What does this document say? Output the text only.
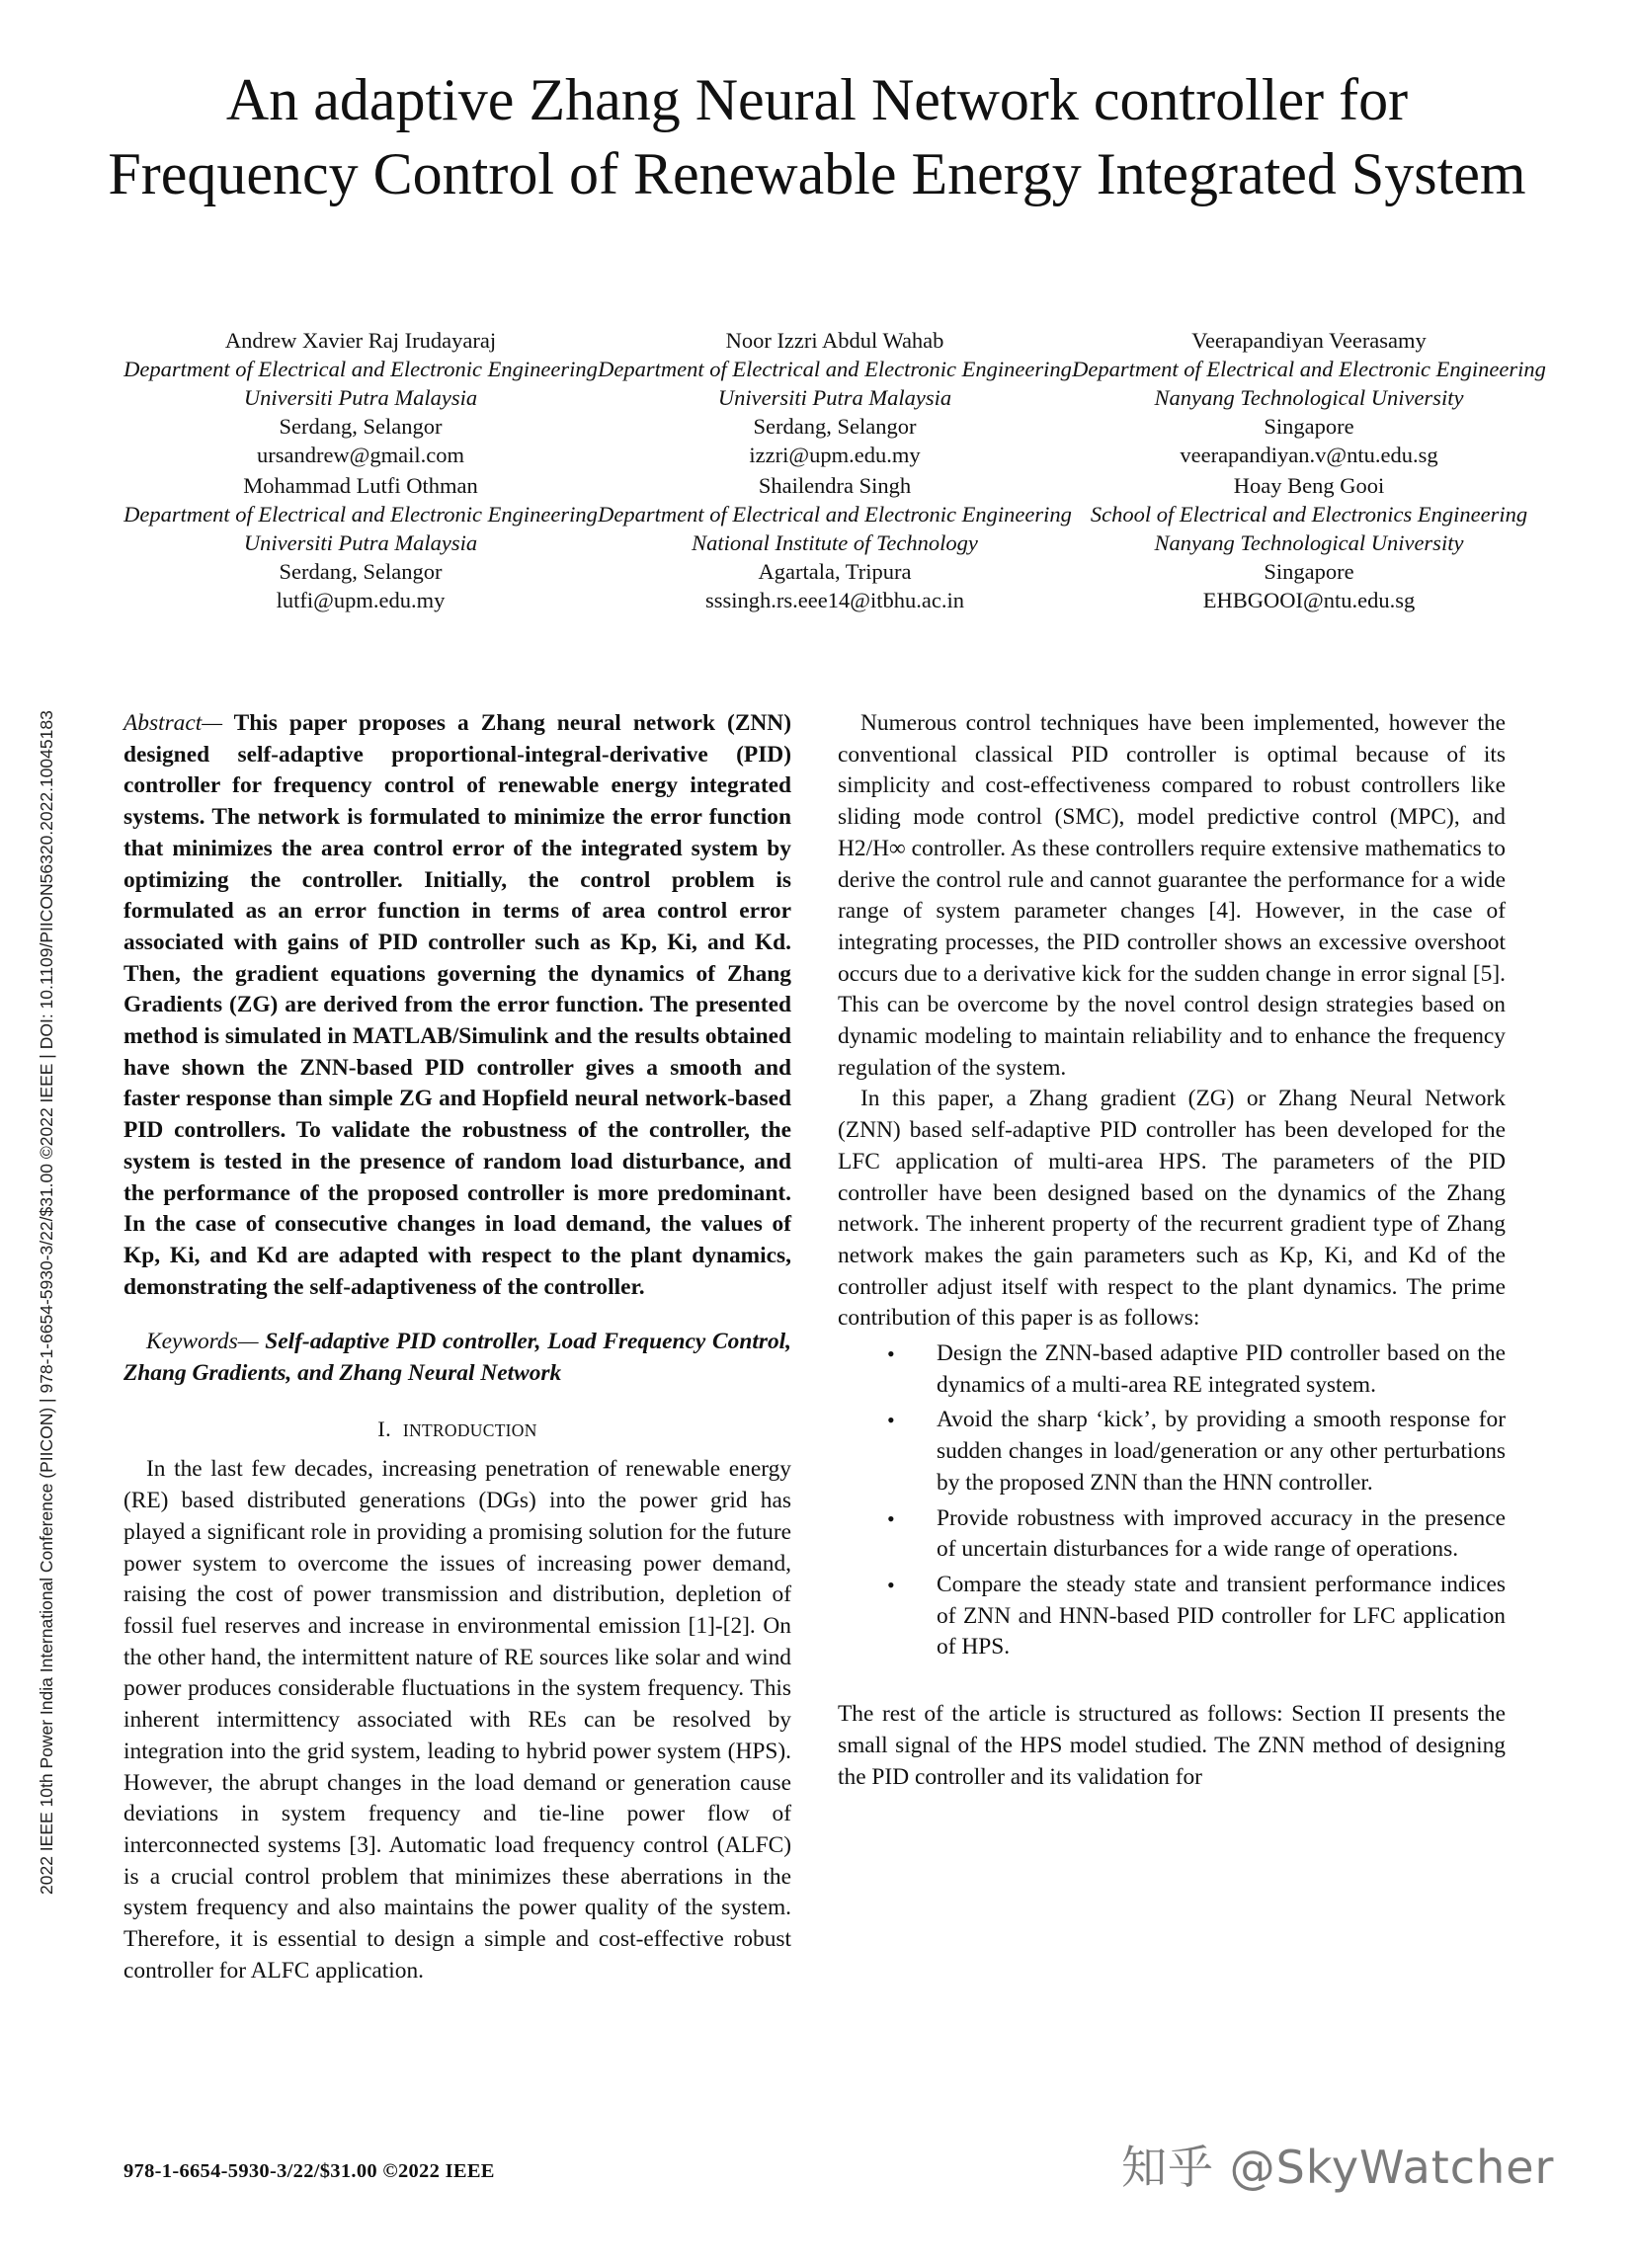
2022 IEEE 10th Power India International Conference (PIICON) | 978-1-6654-5930-3/22/$31.00 ©2022 IEEE | DOI: 10.1109/PIICON56320.2022.10045183
An adaptive Zhang Neural Network controller for Frequency Control of Renewable Energy Integrated System
Andrew Xavier Raj Irudayaraj
Department of Electrical and Electronic Engineering
Universiti Putra Malaysia
Serdang, Selangor
ursandrew@gmail.com
Noor Izzri Abdul Wahab
Department of Electrical and Electronic Engineering
Universiti Putra Malaysia
Serdang, Selangor
izzri@upm.edu.my
Veerapandiyan Veerasamy
Department of Electrical and Electronic Engineering
Nanyang Technological University
Singapore
veerapandiyan.v@ntu.edu.sg
Mohammad Lutfi Othman
Department of Electrical and Electronic Engineering
Universiti Putra Malaysia
Serdang, Selangor
lutfi@upm.edu.my
Shailendra Singh
Department of Electrical and Electronic Engineering
National Institute of Technology
Agartala, Tripura
sssingh.rs.eee14@itbhu.ac.in
Hoay Beng Gooi
School of Electrical and Electronics Engineering
Nanyang Technological University
Singapore
EHBGOOI@ntu.edu.sg

Abstract— This paper proposes a Zhang neural network (ZNN) designed self-adaptive proportional-integral-derivative (PID) controller for frequency control of renewable energy integrated systems. The network is formulated to minimize the error function that minimizes the area control error of the integrated system by optimizing the controller. Initially, the control problem is formulated as an error function in terms of area control error associated with gains of PID controller such as Kp, Ki, and Kd. Then, the gradient equations governing the dynamics of Zhang Gradients (ZG) are derived from the error function. The presented method is simulated in MATLAB/Simulink and the results obtained have shown the ZNN-based PID controller gives a smooth and faster response than simple ZG and Hopfield neural network-based PID controllers. To validate the robustness of the controller, the system is tested in the presence of random load disturbance, and the performance of the proposed controller is more predominant. In the case of consecutive changes in load demand, the values of Kp, Ki, and Kd are adapted with respect to the plant dynamics, demonstrating the self-adaptiveness of the controller.

Keywords— Self-adaptive PID controller, Load Frequency Control, Zhang Gradients, and Zhang Neural Network

I. INTRODUCTION

In the last few decades, increasing penetration of renewable energy (RE) based distributed generations (DGs) into the power grid has played a significant role in providing a promising solution for the future power system to overcome the issues of increasing power demand, raising the cost of power transmission and distribution, depletion of fossil fuel reserves and increase in environmental emission [1]-[2]. On the other hand, the intermittent nature of RE sources like solar and wind power produces considerable fluctuations in the system frequency. This inherent intermittency associated with REs can be resolved by integration into the grid system, leading to hybrid power system (HPS). However, the abrupt changes in the load demand or generation cause deviations in system frequency and tie-line power flow of interconnected systems [3]. Automatic load frequency control (ALFC) is a crucial control problem that minimizes these aberrations in the system frequency and also maintains the power quality of the system. Therefore, it is essential to design a simple and cost-effective robust controller for ALFC application.

Numerous control techniques have been implemented, however the conventional classical PID controller is optimal because of its simplicity and cost-effectiveness compared to robust controllers like sliding mode control (SMC), model predictive control (MPC), and H2/H∞ controller. As these controllers require extensive mathematics to derive the control rule and cannot guarantee the performance for a wide range of system parameter changes [4]. However, in the case of integrating processes, the PID controller shows an excessive overshoot occurs due to a derivative kick for the sudden change in error signal [5]. This can be overcome by the novel control design strategies based on dynamic modeling to maintain reliability and to enhance the frequency regulation of the system.

In this paper, a Zhang gradient (ZG) or Zhang Neural Network (ZNN) based self-adaptive PID controller has been developed for the LFC application of multi-area HPS. The parameters of the PID controller have been designed based on the dynamics of the Zhang network. The inherent property of the recurrent gradient type of Zhang network makes the gain parameters such as Kp, Ki, and Kd of the controller adjust itself with respect to the plant dynamics. The prime contribution of this paper is as follows:

• Design the ZNN-based adaptive PID controller based on the dynamics of a multi-area RE integrated system.
• Avoid the sharp ‘kick’, by providing a smooth response for sudden changes in load/generation or any other perturbations by the proposed ZNN than the HNN controller.
• Provide robustness with improved accuracy in the presence of uncertain disturbances for a wide range of operations.
• Compare the steady state and transient performance indices of ZNN and HNN-based PID controller for LFC application of HPS.

The rest of the article is structured as follows: Section II presents the small signal of the HPS model studied. The ZNN method of designing the PID controller and its validation for

978-1-6654-5930-3/22/$31.00 ©2022 IEEE	知乎 @SkyWatcher
